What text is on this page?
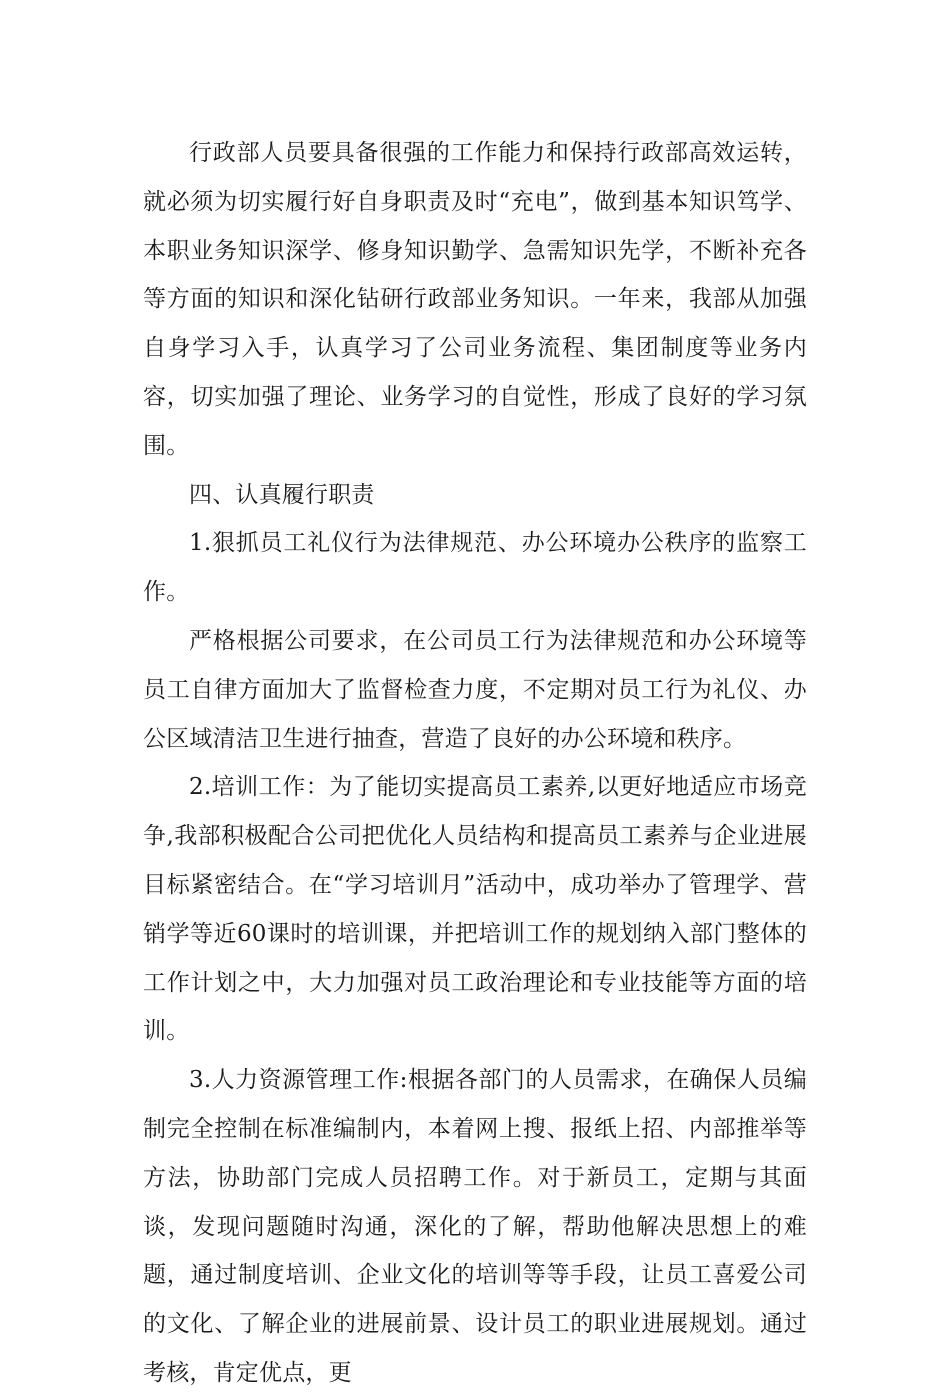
行政部人员要具备很强的工作能力和保持行政部高效运转，就必须为切实履行好自身职责及时“充电”，做到基本知识笃学、本职业务知识深学、修身知识勤学、急需知识先学，不断补充各等方面的知识和深化钻研行政部业务知识。一年来，我部从加强自身学习入手，认真学习了公司业务流程、集团制度等业务内容，切实加强了理论、业务学习的自觉性，形成了良好的学习氛围。

四、认真履行职责

1.狠抓员工礼仪行为法律规范、办公环境办公秩序的监察工作。

严格根据公司要求，在公司员工行为法律规范和办公环境等员工自律方面加大了监督检查力度，不定期对员工行为礼仪、办公区域清洁卫生进行抽查，营造了良好的办公环境和秩序。

2.培训工作：为了能切实提高员工素养,以更好地适应市场竞争,我部积极配合公司把优化人员结构和提高员工素养与企业进展目标紧密结合。在“学习培训月”活动中，成功举办了管理学、营销学等近60课时的培训课，并把培训工作的规划纳入部门整体的工作计划之中，大力加强对员工政治理论和专业技能等方面的培训。

3.人力资源管理工作:根据各部门的人员需求，在确保人员编制完全控制在标准编制内，本着网上搜、报纸上招、内部推举等方法，协助部门完成人员招聘工作。对于新员工，定期与其面谈，发现问题随时沟通，深化的了解，帮助他解决思想上的难题，通过制度培训、企业文化的培训等等手段，让员工喜爱公司的文化、了解企业的进展前景、设计员工的职业进展规划。通过考核，肯定优点，更
